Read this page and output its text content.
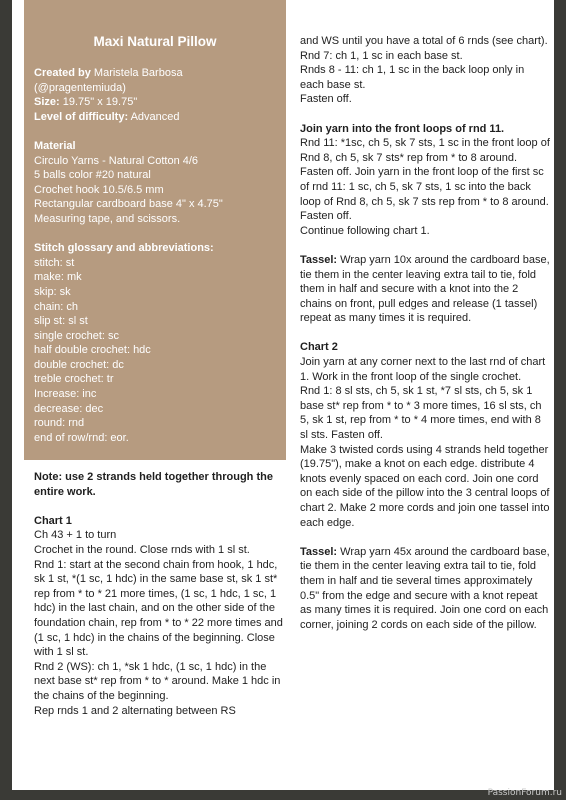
Maxi Natural Pillow
Created by Maristela Barbosa
(@pragentemiuda)
Size: 19.75" x 19.75"
Level of difficulty: Advanced
Material
Circulo Yarns - Natural Cotton 4/6
5 balls color #20 natural
Crochet hook 10.5/6.5 mm
Rectangular cardboard base 4" x 4.75"
Measuring tape, and scissors.
Stitch glossary and abbreviations:
stitch: st
make: mk
skip: sk
chain: ch
slip st: sl st
single crochet: sc
half double crochet: hdc
double crochet: dc
treble crochet: tr
Increase: inc
decrease: dec
round: rnd
end of row/rnd: eor.

Note: use 2 strands held together through the entire work.

Chart 1

Ch 43 + 1 to turn

Crochet in the round. Close rnds with 1 sl st.

Rnd 1: start at the second chain from hook, 1 hdc, sk 1 st, *(1 sc, 1 hdc) in the same base st, sk 1 st* rep from * to * 21 more times, (1 sc, 1 hdc, 1 sc, 1 hdc) in the last chain, and on the other side of the foundation chain, rep from * to * 22 more times and (1 sc, 1 hdc) in the chains of the beginning. Close with 1 sl st.

Rnd 2 (WS): ch 1, *sk 1 hdc, (1 sc, 1 hdc) in the next base st* rep from * to * around. Make 1 hdc in the chains of the beginning.

Rep rnds 1 and 2 alternating between RS

and WS until you have a total of 6 rnds (see chart).

Rnd 7: ch 1, 1 sc in each base st.

Rnds 8 - 11: ch 1, 1 sc in the back loop only in each base st.

Fasten off.

Join yarn into the front loops of rnd 11.

Rnd 11: *1sc, ch 5, sk 7 sts, 1 sc in the front loop of Rnd 8, ch 5, sk 7 sts* rep from * to 8 around. Fasten off. Join yarn in the front loop of the first sc of rnd 11: 1 sc, ch 5, sk 7 sts, 1 sc into the back loop of Rnd 8, ch 5, sk 7 sts rep from * to 8 around. Fasten off.

Continue following chart 1.

Tassel: Wrap yarn 10x around the cardboard base, tie them in the center leaving extra tail to tie, fold them in half and secure with a knot into the 2 chains on front, pull edges and release (1 tassel) repeat as many times it is required.

Chart 2

Join yarn at any corner next to the last rnd of chart 1. Work in the front loop of the single crochet.

Rnd 1: 8 sl sts, ch 5, sk 1 st, *7 sl sts, ch 5, sk 1 base st* rep from * to * 3 more times, 16 sl sts, ch 5, sk 1 st, rep from * to * 4 more times, end with 8 sl sts. Fasten off.

Make 3 twisted cords using 4 strands held together (19.75"), make a knot on each edge. distribute 4 knots evenly spaced on each cord. Join one cord on each side of the pillow into the 3 central loops of chart 2. Make 2 more cords and join one tassel into each edge.

Tassel: Wrap yarn 45x around the cardboard base, tie them in the center leaving extra tail to tie, fold them in half and tie several times approximately 0.5" from the edge and secure with a knot repeat as many times it is required. Join one cord on each corner, joining 2 cords on each side of the pillow.

PassionForum.ru
